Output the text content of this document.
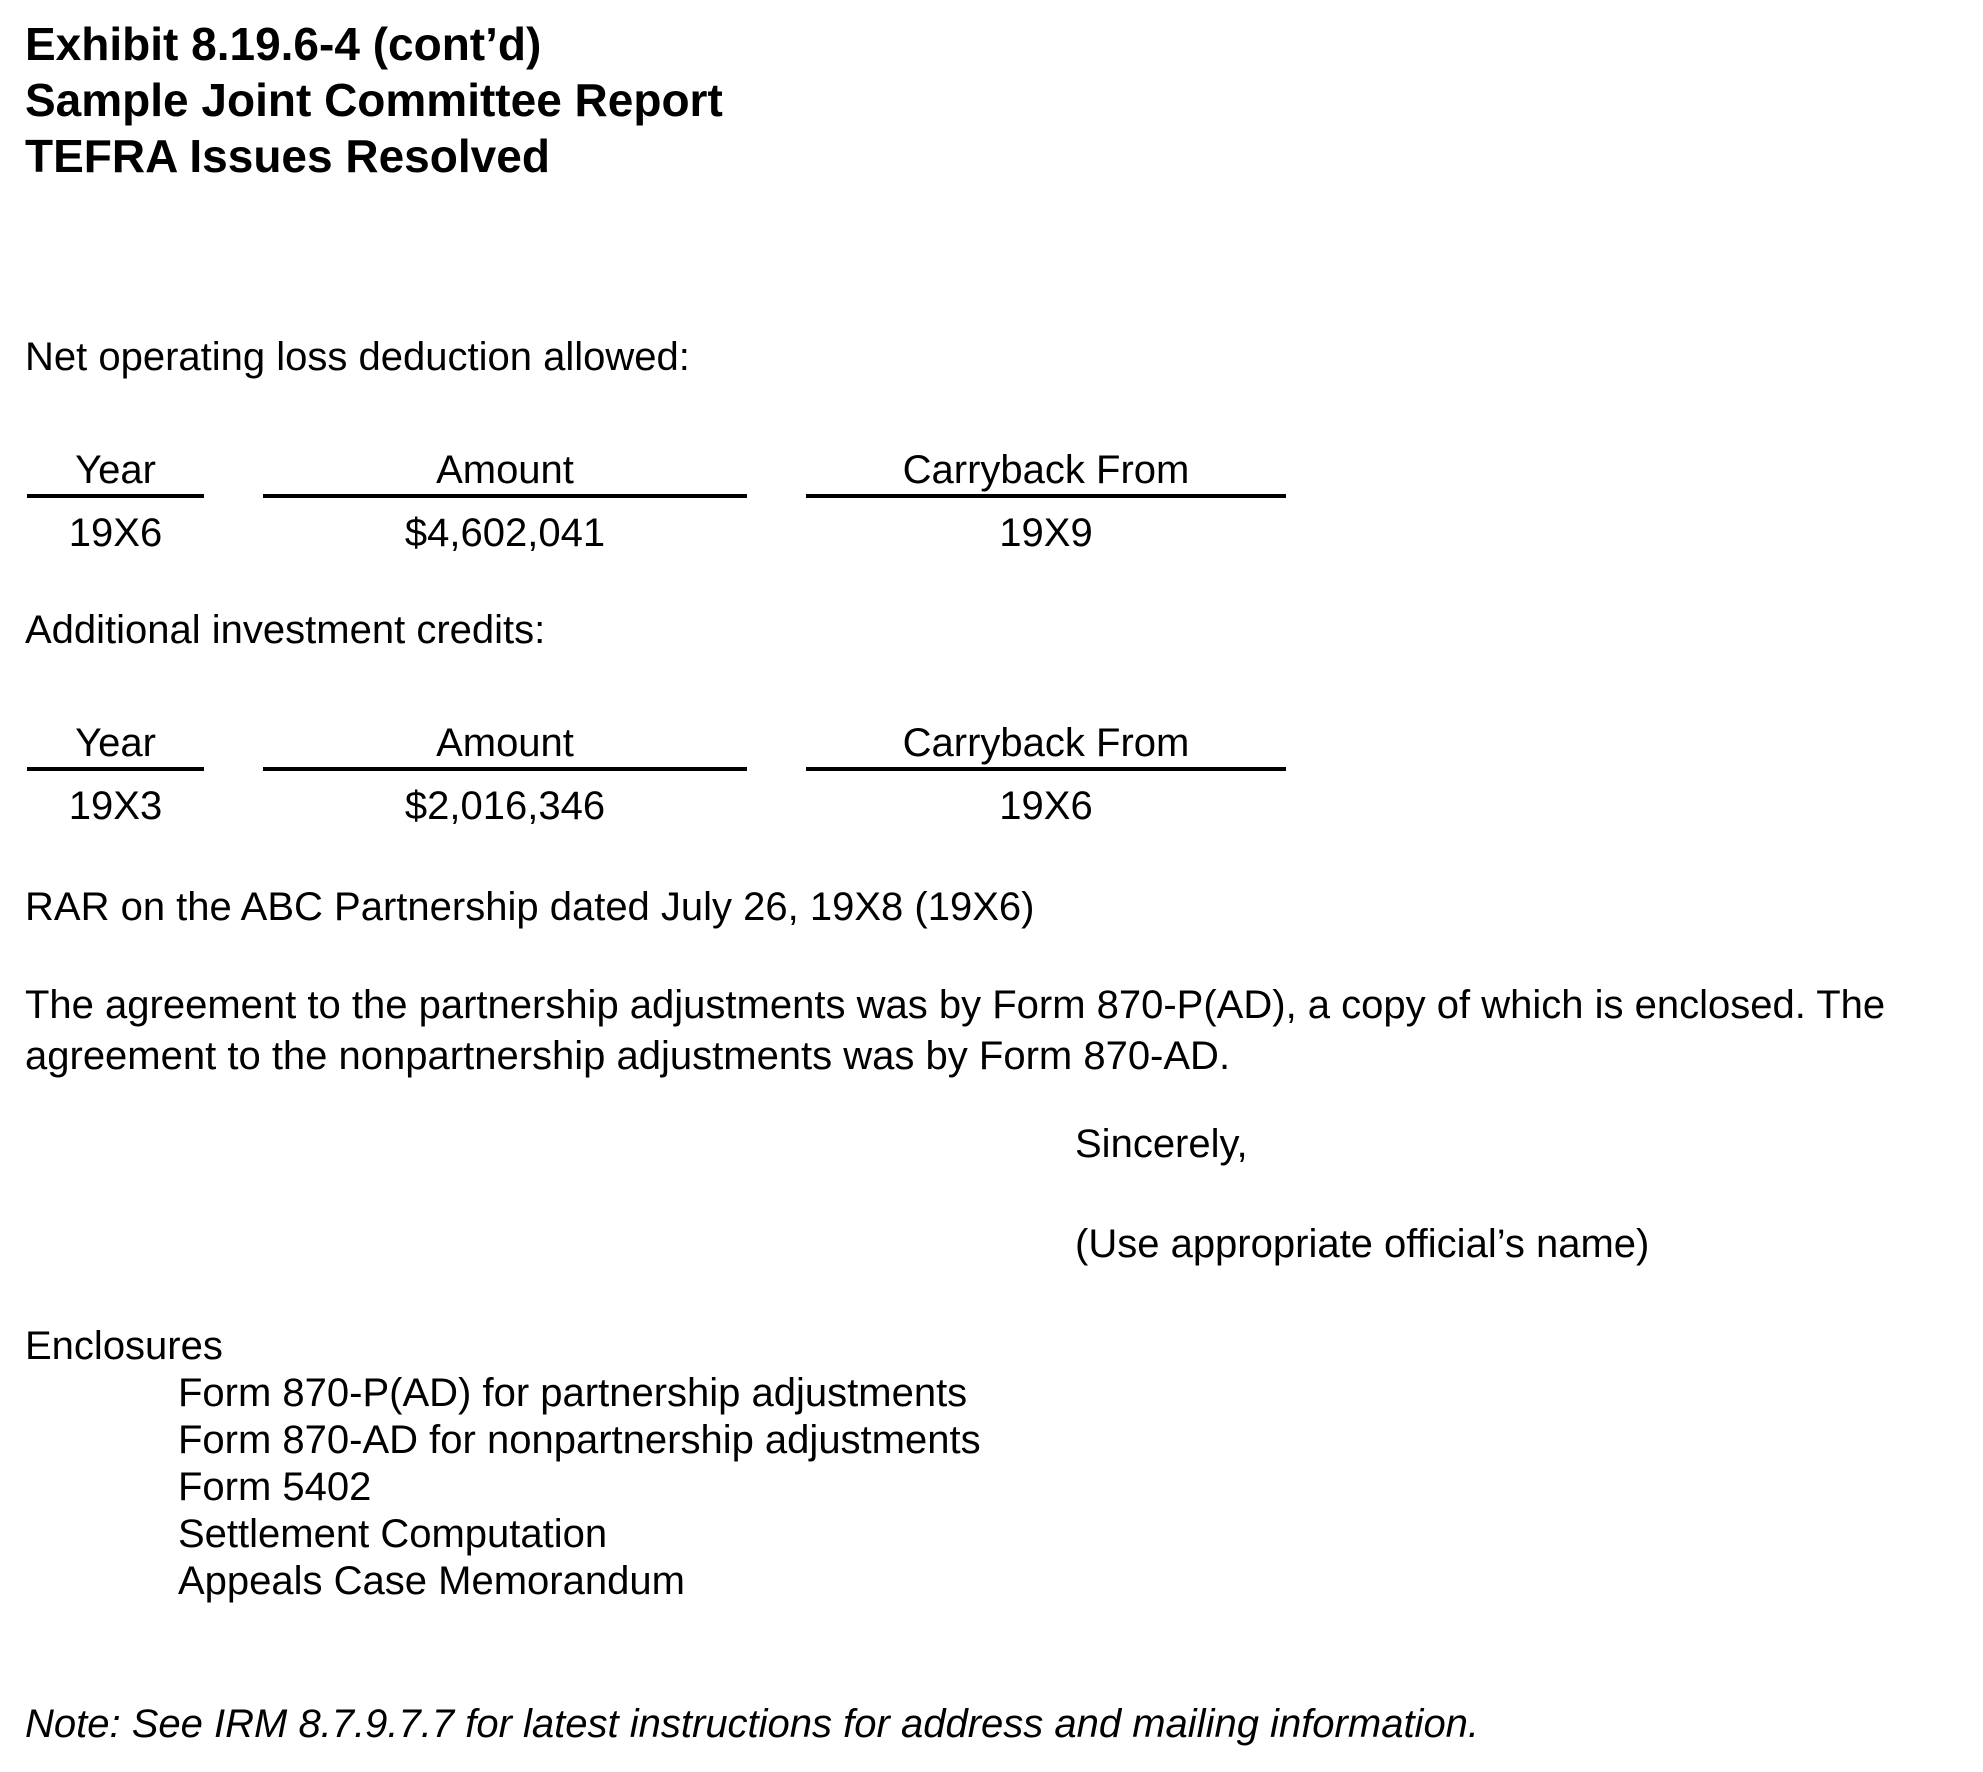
Exhibit 8.19.6-4 (cont’d)
Sample Joint Committee Report
TEFRA Issues Resolved
Net operating loss deduction allowed:
Year	Amount	Carryback From
19X6	$4,602,041	19X9
Additional investment credits:
Year	Amount	Carryback From
19X3	$2,016,346	19X6
RAR on the ABC Partnership dated July 26, 19X8 (19X6)
The agreement to the partnership adjustments was by Form 870-P(AD), a copy of which is enclosed. The agreement to the nonpartnership adjustments was by Form 870-AD.
Sincerely,
(Use appropriate official’s name)
Enclosures
Form 870-P(AD) for partnership adjustments
Form 870-AD for nonpartnership adjustments
Form 5402
Settlement Computation
Appeals Case Memorandum
Note: See IRM 8.7.9.7.7 for latest instructions for address and mailing information.
